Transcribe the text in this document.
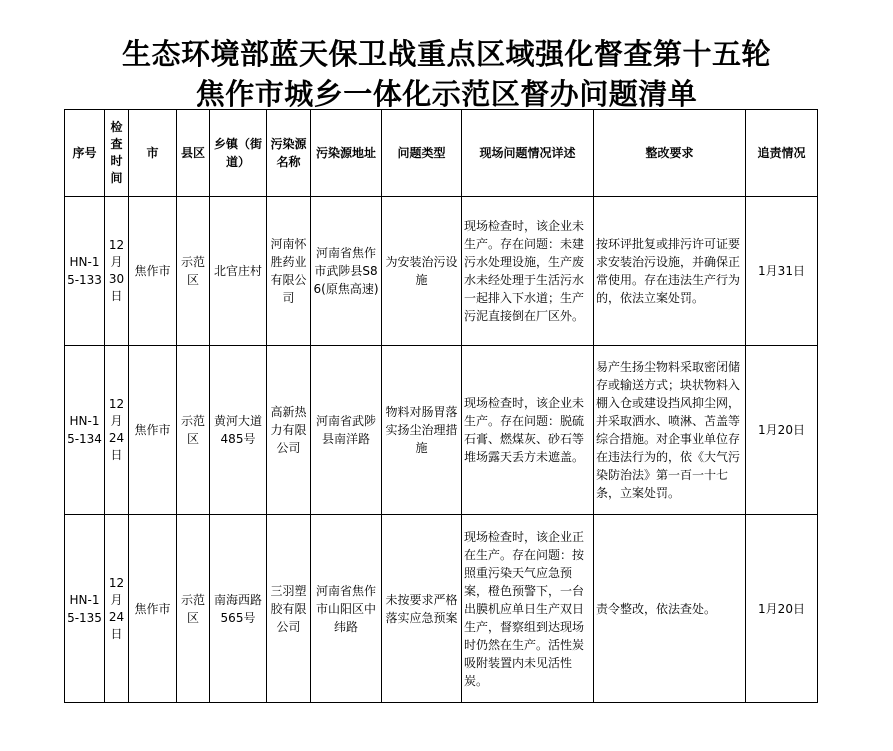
生态环境部蓝天保卫战重点区域强化督查第十五轮
焦作市城乡一体化示范区督办问题清单
序号	检查时间	市	县区	乡镇（街道）	污染源名称	污染源地址	问题类型	现场问题情况详述	整改要求	追责情况
HN-15-133	12月30日	焦作市	示范区	北官庄村	河南怀胜药业有限公司	河南省焦作市武陟县S86(原焦高速)	为安装治污设施	现场检查时，该企业未生产。存在问题：未建污水处理设施，生产废水未经处理于生活污水一起排入下水道；生产污泥直接倒在厂区外。	按环评批复或排污许可证要求安装治污设施，并确保正常使用。存在违法生产行为的，依法立案处罚。	1月31日
HN-15-134	12月24日	焦作市	示范区	黄河大道485号	高新热力有限公司	河南省武陟县南洋路	物料对肠胃落实扬尘治理措施	现场检查时，该企业未生产。存在问题：脱硫石膏、燃煤灰、砂石等堆场露天丢方未遮盖。	易产生扬尘物料采取密闭储存或输送方式；块状物料入棚入仓或建设挡风抑尘网，并采取洒水、喷淋、苫盖等综合措施。对企事业单位存在违法行为的，依《大气污染防治法》第一百一十七条，立案处罚。	1月20日
HN-15-135	12月24日	焦作市	示范区	南海西路565号	三羽塑胶有限公司	河南省焦作市山阳区中纬路	未按要求严格落实应急预案	现场检查时，该企业正在生产。存在问题：按照重污染天气应急预案，橙色预警下，一台出膜机应单日生产双日生产，督察组到达现场时仍然在生产。活性炭吸附装置内未见活性炭。	责令整改，依法查处。	1月20日
